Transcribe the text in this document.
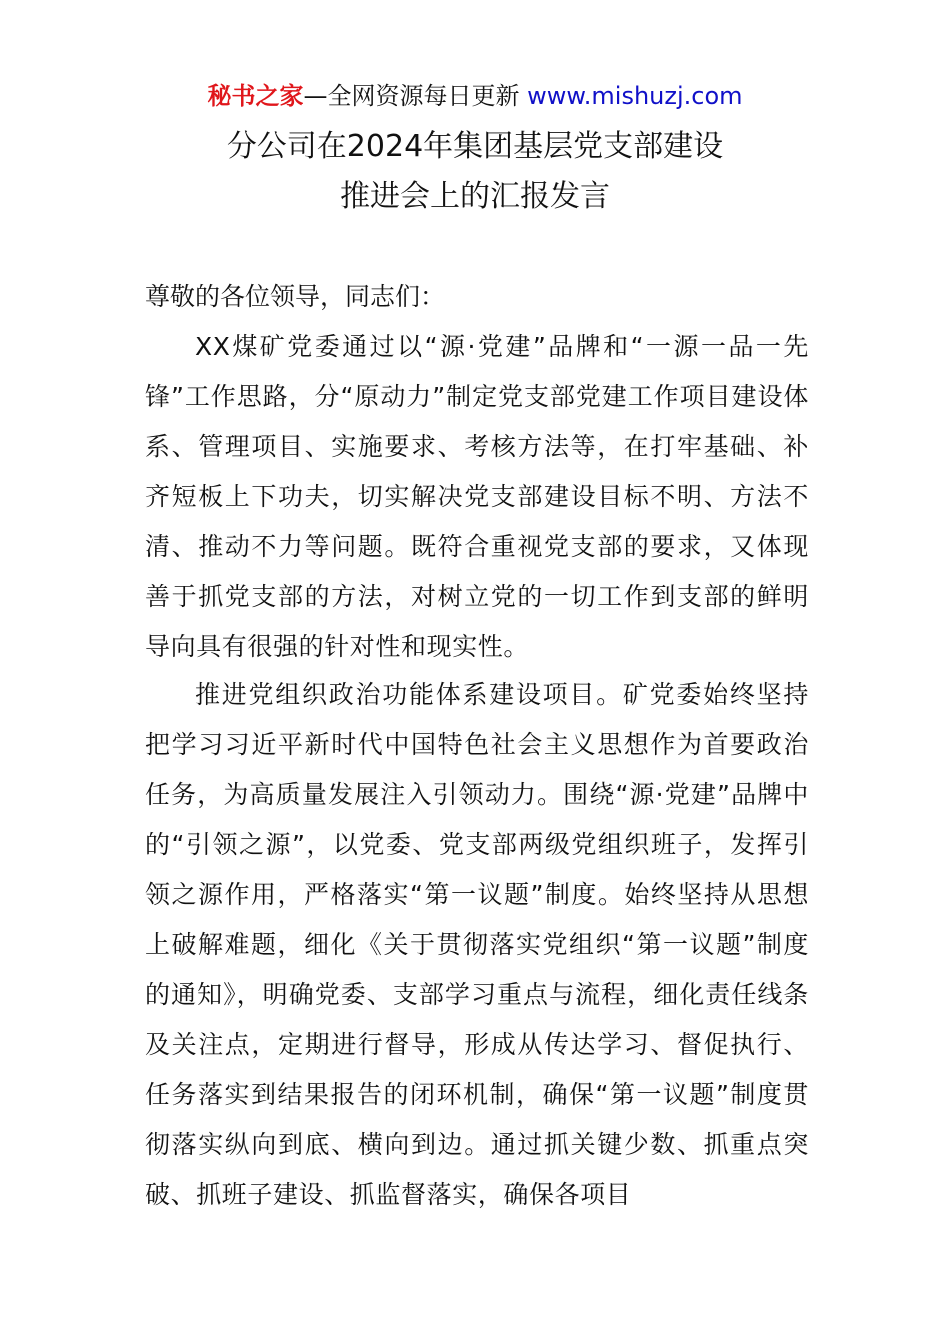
秘书之家—全网资源每日更新 www.mishuzj.com
分公司在2024年集团基层党支部建设
推进会上的汇报发言
尊敬的各位领导，同志们：

XX煤矿党委通过以“源·党建”品牌和“一源一品一先锋”工作思路，分“原动力”制定党支部党建工作项目建设体系、管理项目、实施要求、考核方法等，在打牢基础、补齐短板上下功夫，切实解决党支部建设目标不明、方法不清、推动不力等问题。既符合重视党支部的要求，又体现善于抓党支部的方法，对树立党的一切工作到支部的鲜明导向具有很强的针对性和现实性。

推进党组织政治功能体系建设项目。矿党委始终坚持把学习习近平新时代中国特色社会主义思想作为首要政治任务，为高质量发展注入引领动力。围绕“源·党建”品牌中的“引领之源”，以党委、党支部两级党组织班子，发挥引领之源作用，严格落实“第一议题”制度。始终坚持从思想上破解难题，细化《关于贯彻落实党组织“第一议题”制度的通知》，明确党委、支部学习重点与流程，细化责任线条及关注点，定期进行督导，形成从传达学习、督促执行、任务落实到结果报告的闭环机制，确保“第一议题”制度贯彻落实纵向到底、横向到边。通过抓关键少数、抓重点突破、抓班子建设、抓监督落实，确保各项目
